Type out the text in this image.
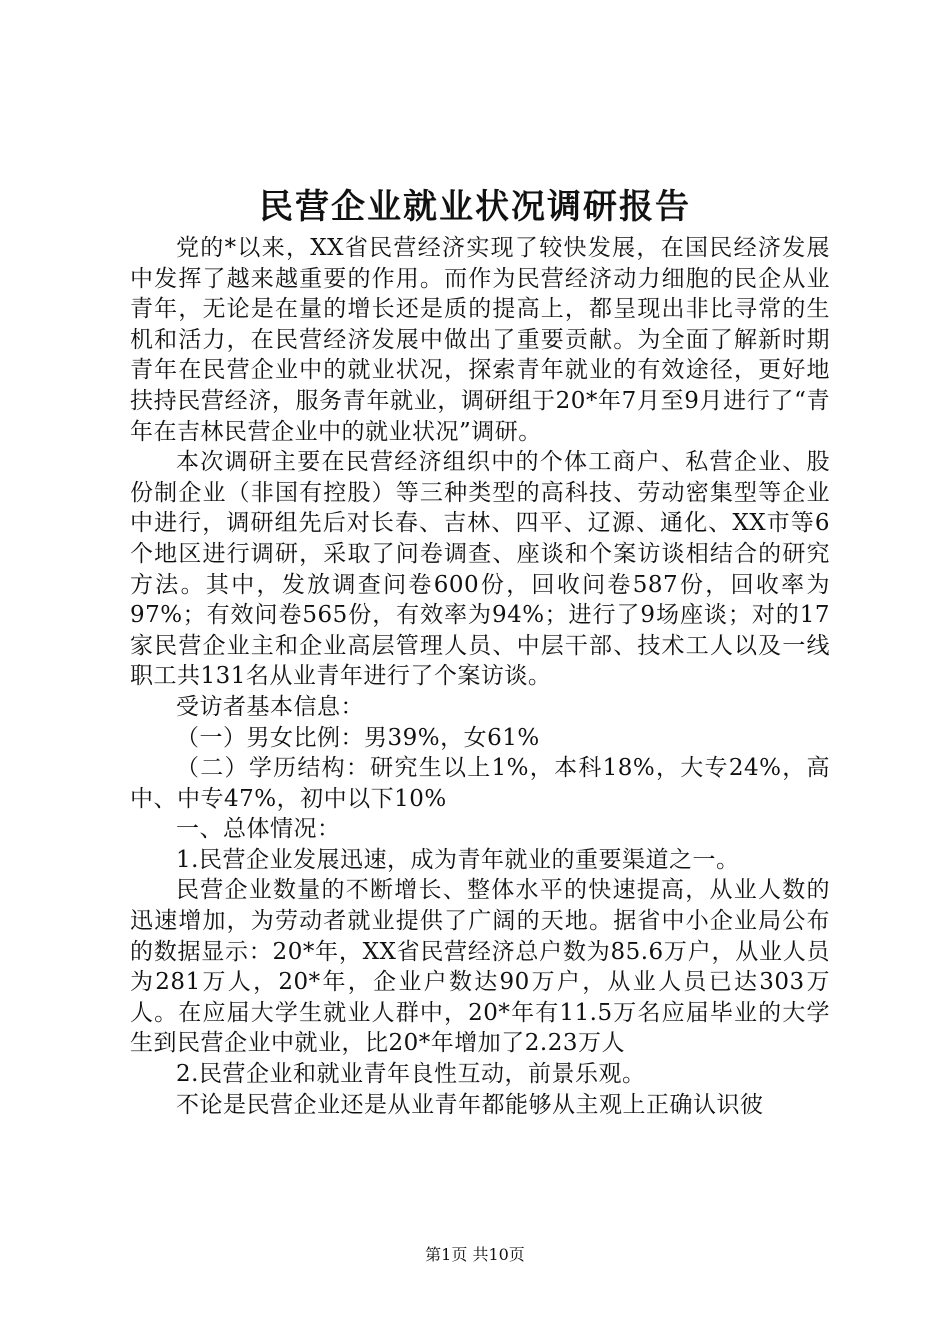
民营企业就业状况调研报告

党的*以来，XX省民营经济实现了较快发展，在国民经济发展中发挥了越来越重要的作用。而作为民营经济动力细胞的民企从业青年，无论是在量的增长还是质的提高上，都呈现出非比寻常的生机和活力，在民营经济发展中做出了重要贡献。为全面了解新时期青年在民营企业中的就业状况，探索青年就业的有效途径，更好地扶持民营经济，服务青年就业，调研组于20*年7月至9月进行了“青年在吉林民营企业中的就业状况”调研。

本次调研主要在民营经济组织中的个体工商户、私营企业、股份制企业（非国有控股）等三种类型的高科技、劳动密集型等企业中进行，调研组先后对长春、吉林、四平、辽源、通化、XX市等6个地区进行调研，采取了问卷调查、座谈和个案访谈相结合的研究方法。其中，发放调查问卷600份，回收问卷587份，回收率为97%；有效问卷565份，有效率为94%；进行了9场座谈；对的17家民营企业主和企业高层管理人员、中层干部、技术工人以及一线职工共131名从业青年进行了个案访谈。

受访者基本信息：

（一）男女比例：男39%，女61%

（二）学历结构：研究生以上1%，本科18%，大专24%，高中、中专47%，初中以下10%

一、总体情况：

1.民营企业发展迅速，成为青年就业的重要渠道之一。

民营企业数量的不断增长、整体水平的快速提高，从业人数的迅速增加，为劳动者就业提供了广阔的天地。据省中小企业局公布的数据显示：20*年，XX省民营经济总户数为85.6万户，从业人员为281万人，20*年，企业户数达90万户，从业人员已达303万人。在应届大学生就业人群中，20*年有11.5万名应届毕业的大学生到民营企业中就业，比20*年增加了2.23万人

2.民营企业和就业青年良性互动，前景乐观。

不论是民营企业还是从业青年都能够从主观上正确认识彼

第1页 共10页
